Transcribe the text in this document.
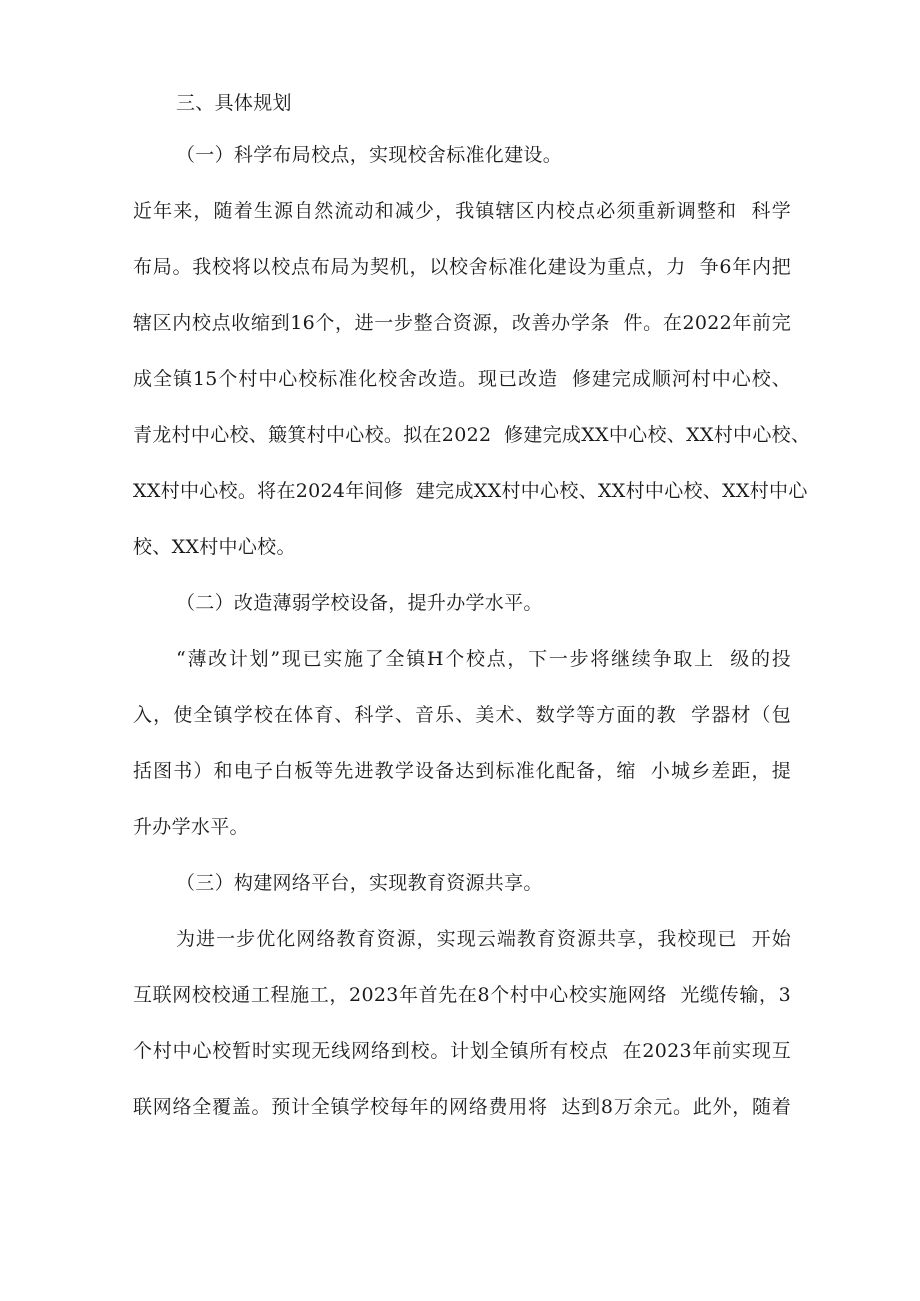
三、具体规划
（一）科学布局校点，实现校舍标准化建设。
近年来，随着生源自然流动和减少，我镇辖区内校点必须重新调整和  科学
布局。我校将以校点布局为契机，以校舍标准化建设为重点，力  争6年内把
辖区内校点收缩到16个，进一步整合资源，改善办学条  件。在2022年前完
成全镇15个村中心校标准化校舍改造。现已改造  修建完成顺河村中心校、
青龙村中心校、簸箕村中心校。拟在2022  修建完成XX中心校、XX村中心校、
XX村中心校。将在2024年间修  建完成XX村中心校、XX村中心校、XX村中心
校、XX村中心校。
（二）改造薄弱学校设备，提升办学水平。
“薄改计划”现已实施了全镇H个校点，下一步将继续争取上  级的投
入，使全镇学校在体育、科学、音乐、美术、数学等方面的教  学器材（包
括图书）和电子白板等先进教学设备达到标准化配备，缩  小城乡差距，提
升办学水平。
（三）构建网络平台，实现教育资源共享。
为进一步优化网络教育资源，实现云端教育资源共享，我校现已  开始
互联网校校通工程施工，2023年首先在8个村中心校实施网络  光缆传输，3
个村中心校暂时实现无线网络到校。计划全镇所有校点  在2023年前实现互
联网络全覆盖。预计全镇学校每年的网络费用将  达到8万余元。此外，随着
